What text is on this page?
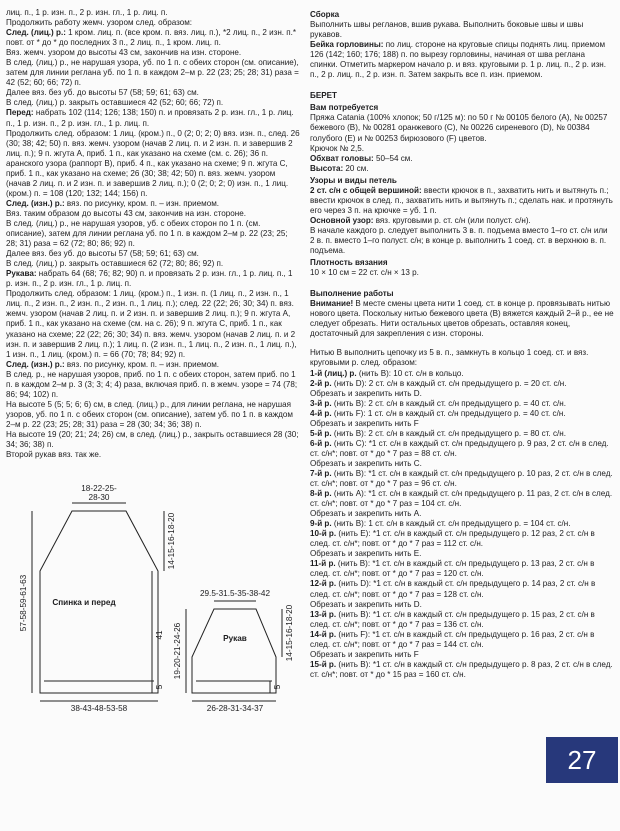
лиц. п., 1 р. изн. п., 2 р. изн. гл., 1 р. лиц. п.

Продолжить работу жемч. узором след. образом:

След. (лиц.) р.: 1 кром. лиц. п. (все кром. п. вяз. лиц. п.), *2 лиц. п., 2 изн. п.* повт. от * до * до последних 3 п., 2 лиц. п., 1 кром. лиц. п.

Вяз. жемч. узором до высоты 43 см, закончив на изн. стороне.

В след. (лиц.) р., не нарушая узора, уб. по 1 п. с обеих сторон (см. описание), затем для линии реглана уб. по 1 п. в каждом 2–м р. 22 (23; 25; 28; 31) раза = 42 (52; 60; 66; 72) п.

Далее вяз. без уб. до высоты 57 (58; 59; 61; 63) см.

В след. (лиц.) р. закрыть оставшиеся 42 (52; 60; 66; 72) п.

Перед: набрать 102 (114; 126; 138; 150) п. и провязать 2 р. изн. гл., 1 р. лиц. п., 1 р. изн. п., 2 р. изн. гл., 1 р. лиц. п.

Продолжить след. образом: 1 лиц. (кром.) п., 0 (2; 0; 2; 0) вяз. изн. п., след. 26 (30; 38; 42; 50) п. вяз. жемч. узором (начав 2 лиц. п. и 2 изн. п. и завершив 2 лиц. п.); 9 п. жгута А, приб. 1 п., как указано на схеме (см. с. 26); 36 п. аранского узора (раппорт В), приб. 4 п., как указано на схеме; 9 п. жгута С, приб. 1 п., как указано на схеме; 26 (30; 38; 42; 50) п. вяз. жемч. узором (начав 2 лиц. п. и 2 изн. п. и завершив 2 лиц. п.); 0 (2; 0; 2; 0) изн. п., 1 лиц. (кром.) п. = 108 (120; 132; 144; 156) п.

След. (изн.) р.: вяз. по рисунку, кром. п. – изн. приемом.

Вяз. таким образом до высоты 43 см, закончив на изн. стороне.

В след. (лиц.) р., не нарушая узоров, уб. с обеих сторон по 1 п. (см. описание), затем для линии реглана уб. по 1 п. в каждом 2–м р. 22 (23; 25; 28; 31) раза = 62 (72; 80; 86; 92) п.

Далее вяз. без уб. до высоты 57 (58; 59; 61; 63) см.

В след. (лиц.) р. закрыть оставшиеся 62 (72; 80; 86; 92) п.

Рукава: набрать 64 (68; 76; 82; 90) п. и провязать 2 р. изн. гл., 1 р. лиц. п., 1 р. изн. п., 2 р. изн. гл., 1 р. лиц. п.

Продолжить след. образом: 1 лиц. (кром.) п., 1 изн. п. (1 лиц. п., 2 изн. п., 1 лиц. п., 2 изн. п., 2 изн. п., 2 изн. п., 1 лиц. п.); след. 22 (22; 26; 30; 34) п. вяз. жемч. узором (начав 2 лиц. п. и 2 изн. п. и завершив 2 лиц. п.); 9 п. жгута А, приб. 1 п., как указано на схеме (см. на с. 26); 9 п. жгута С, приб. 1 п., как указано на схеме; 22 (22; 26; 30; 34) п. вяз. жемч. узором (начав 2 лиц. п. и 2 изн. п. и завершив 2 лиц. п.); 1 лиц. п. (2 изн. п., 1 лиц. п., 2 изн. п., 1 лиц. п.), 1 изн. п., 1 лиц. (кром.) п. = 66 (70; 78; 84; 92) п.

След. (изн.) р.: вяз. по рисунку, кром. п. – изн. приемом.

В след. р., не нарушая узоров, приб. по 1 п. с обеих сторон, затем приб. по 1 п. в каждом 2–м р. 3 (3; 3; 4; 4) раза, включая приб. п. в жемч. узоре = 74 (78; 86; 94; 102) п.

На высоте 5 (5; 5; 6; 6) см, в след. (лиц.) р., для линии реглана, не нарушая узоров, уб. по 1 п. с обеих сторон (см. описание), затем уб. по 1 п. в каждом 2–м р. 22 (23; 25; 28; 31) раза = 28 (30; 34; 36; 38) п.

На высоте 19 (20; 21; 24; 26) см, в след. (лиц.) р., закрыть оставшиеся 28 (30; 34; 36; 38) п.

Второй рукав вяз. так же.

Сборка

Выполнить швы регланов, вшив рукава. Выполнить боковые швы и швы рукавов.

Бейка горловины: по лиц. стороне на круговые спицы поднять лиц. приемом 126 (142; 160; 176; 188) п. по вырезу горловины, начиная от шва реглана спинки. Отметить маркером начало р. и вяз. круговыми р. 1 р. лиц. п., 2 р. изн. п., 2 р. лиц. п., 2 р. изн. п. Затем закрыть все п. изн. приемом.

БЕРЕТ

Вам потребуется

Пряжа Catania (100% хлопок; 50 г/125 м): по 50 г № 00105 белого (А), № 00257 бежевого (В), № 00281 оранжевого (С), № 00226 сиреневого (D), № 00384 голубого (Е) и № 00253 бирюзового (F) цветов.

Крючок № 2,5.

Обхват головы: 50–54 см.

Высота: 20 см.

Узоры и виды петель

2 ст. с/н с общей вершиной: ввести крючок в п., захватить нить и вытянуть п.; ввести крючок в след. п., захватить нить и вытянуть п.; сделать нак. и протянуть его через 3 п. на крючке = уб. 1 п.

Основной узор: вяз. круговыми р. ст. с/н (или полуст. с/н).

В начале каждого р. следует выполнить 3 в. п. подъема вместо 1–го ст. с/н или 2 в. п. вместо 1–го полуст. с/н; в конце р. выполнить 1 соед. ст. в верхнюю в. п. подъема.

Плотность вязания

10 × 10 см = 22 ст. с/н × 13 р.

Выполнение работы

Внимание! В месте смены цвета нити 1 соед. ст. в конце р. провязывать нитью нового цвета. Поскольку нитью бежевого цвета (В) вяжется каждый 2–й р., ее не следует обрезать. Нити остальных цветов обрезать, оставляя конец, достаточный для закрепления с изн. стороны.

Нитью В выполнить цепочку из 5 в. п., замкнуть в кольцо 1 соед. ст. и вяз. круговыми р. след. образом:

1-й (лиц.) р. (нить В): 10 ст. с/н в кольцо.

2-й р. (нить D): 2 ст. с/н в каждый ст. с/н предыдущего р. = 20 ст. с/н.

Обрезать и закрепить нить D.

3-й р. (нить В): 2 ст. с/н в каждый ст. с/н предыдущего р. = 40 ст. с/н.

4-й р. (нить F): 1 ст. с/н в каждый ст. с/н предыдущего р. = 40 ст. с/н.

Обрезать и закрепить нить F

5-й р. (нить В): 2 ст. с/н в каждый ст. с/н предыдущего р. = 80 ст. с/н.

6-й р. (нить С): *1 ст. с/н в каждый ст. с/н предыдущего р. 9 раз, 2 ст. с/н в след. ст. с/н*; повт. от * до * 7 раз = 88 ст. с/н.

Обрезать и закрепить нить С.

7-й р. (нить В): *1 ст. с/н в каждый ст. с/н предыдущего р. 10 раз, 2 ст. с/н в след. ст. с/н*; повт. от * до * 7 раз = 96 ст. с/н.

8-й р. (нить А): *1 ст. с/н в каждый ст. с/н предыдущего р. 11 раз, 2 ст. с/н в след. ст. с/н*; повт. от * до * 7 раз = 104 ст. с/н.

Обрезать и закрепить нить А.

9-й р. (нить В): 1 ст. с/н в каждый ст. с/н предыдущего р. = 104 ст. с/н.

10-й р. (нить Е): *1 ст. с/н в каждый ст. с/н предыдущего р. 12 раз, 2 ст. с/н в след. ст. с/н*; повт. от * до * 7 раз = 112 ст. с/н.

Обрезать и закрепить нить Е.

11-й р. (нить В): *1 ст. с/н в каждый ст. с/н предыдущего р. 13 раз, 2 ст. с/н в след. ст. с/н*; повт. от * до * 7 раз = 120 ст. с/н.

12-й р. (нить D): *1 ст. с/н в каждый ст. с/н предыдущего р. 14 раз, 2 ст. с/н в след. ст. с/н*; повт. от * до * 7 раз = 128 ст. с/н.

Обрезать и закрепить нить D.

13-й р. (нить В): *1 ст. с/н в каждый ст. с/н предыдущего р. 15 раз, 2 ст. с/н в след. ст. с/н*; повт. от * до * 7 раз = 136 ст. с/н.

14-й р. (нить F): *1 ст. с/н в каждый ст. с/н предыдущего р. 16 раз, 2 ст. с/н в след. ст. с/н*; повт. от * до * 7 раз = 144 ст. с/н.

Обрезать и закрепить нить F

15-й р. (нить В): *1 ст. с/н в каждый ст. с/н предыдущего р. 8 раз, 2 ст. с/н в след. ст. с/н*; повт. от * до * 15 раз = 160 ст. с/н.

18-22-25-
28-30
Спинка и перед
38-43-48-53-58
57-58-59-61-63
14-15-16-18-20
41
29.5-31.5-35-38-42
Рукав
26-28-31-34-37
19-20-21-24-26	14-15-16-18-20
5	5
27
